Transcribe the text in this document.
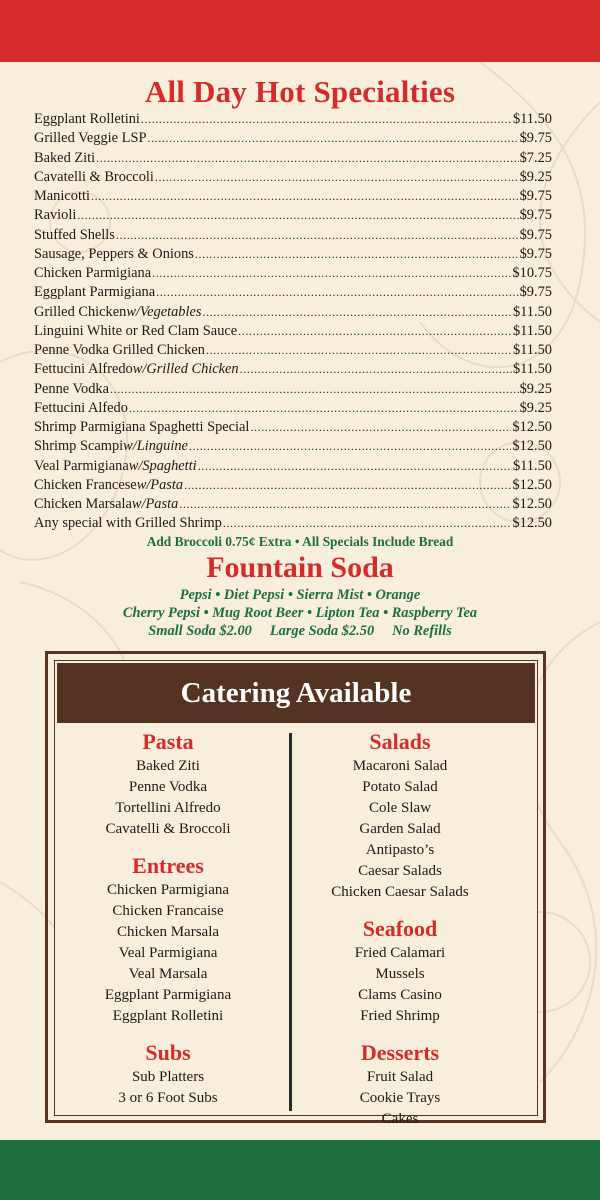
All Day Hot Specialties
Eggplant Rolletini .....	$11.50
Grilled Veggie LSP .....	$9.75
Baked Ziti .....	$7.25
Cavatelli & Broccoli .....	$9.25
Manicotti .....	$9.75
Ravioli .....	$9.75
Stuffed Shells .....	$9.75
Sausage, Peppers & Onions .....	$9.75
Chicken Parmigiana .....	$10.75
Eggplant Parmigiana .....	$9.75
Grilled Chicken w/Vegetables .....	$11.50
Linguini White or Red Clam Sauce .....	$11.50
Penne Vodka Grilled Chicken .....	$11.50
Fettucini Alfredo w/Grilled Chicken .....	$11.50
Penne Vodka .....	$9.25
Fettucini Alfedo .....	$9.25
Shrimp Parmigiana Spaghetti Special .....	$12.50
Shrimp Scampi w/Linguine .....	$12.50
Veal Parmigiana w/Spaghetti .....	$11.50
Chicken Francese w/Pasta .....	$12.50
Chicken Marsala w/Pasta .....	$12.50
Any special with Grilled Shrimp .....	$12.50
Add Broccoli 0.75¢ Extra • All Specials Include Bread
Fountain Soda
Pepsi • Diet Pepsi • Sierra Mist • Orange
Cherry Pepsi • Mug Root Beer • Lipton Tea • Raspberry Tea
Small Soda $2.00     Large Soda $2.50     No Refills
Catering Available
Pasta
Baked Ziti
Penne Vodka
Tortellini Alfredo
Cavatelli & Broccoli
Entrees
Chicken Parmigiana
Chicken Francaise
Chicken Marsala
Veal Parmigiana
Veal Marsala
Eggplant Parmigiana
Eggplant Rolletini
Subs
Sub Platters
3 or 6 Foot Subs
Salads
Macaroni Salad
Potato Salad
Cole Slaw
Garden Salad
Antipasto’s
Caesar Salads
Chicken Caesar Salads
Seafood
Fried Calamari
Mussels
Clams Casino
Fried Shrimp
Desserts
Fruit Salad
Cookie Trays
Cakes
